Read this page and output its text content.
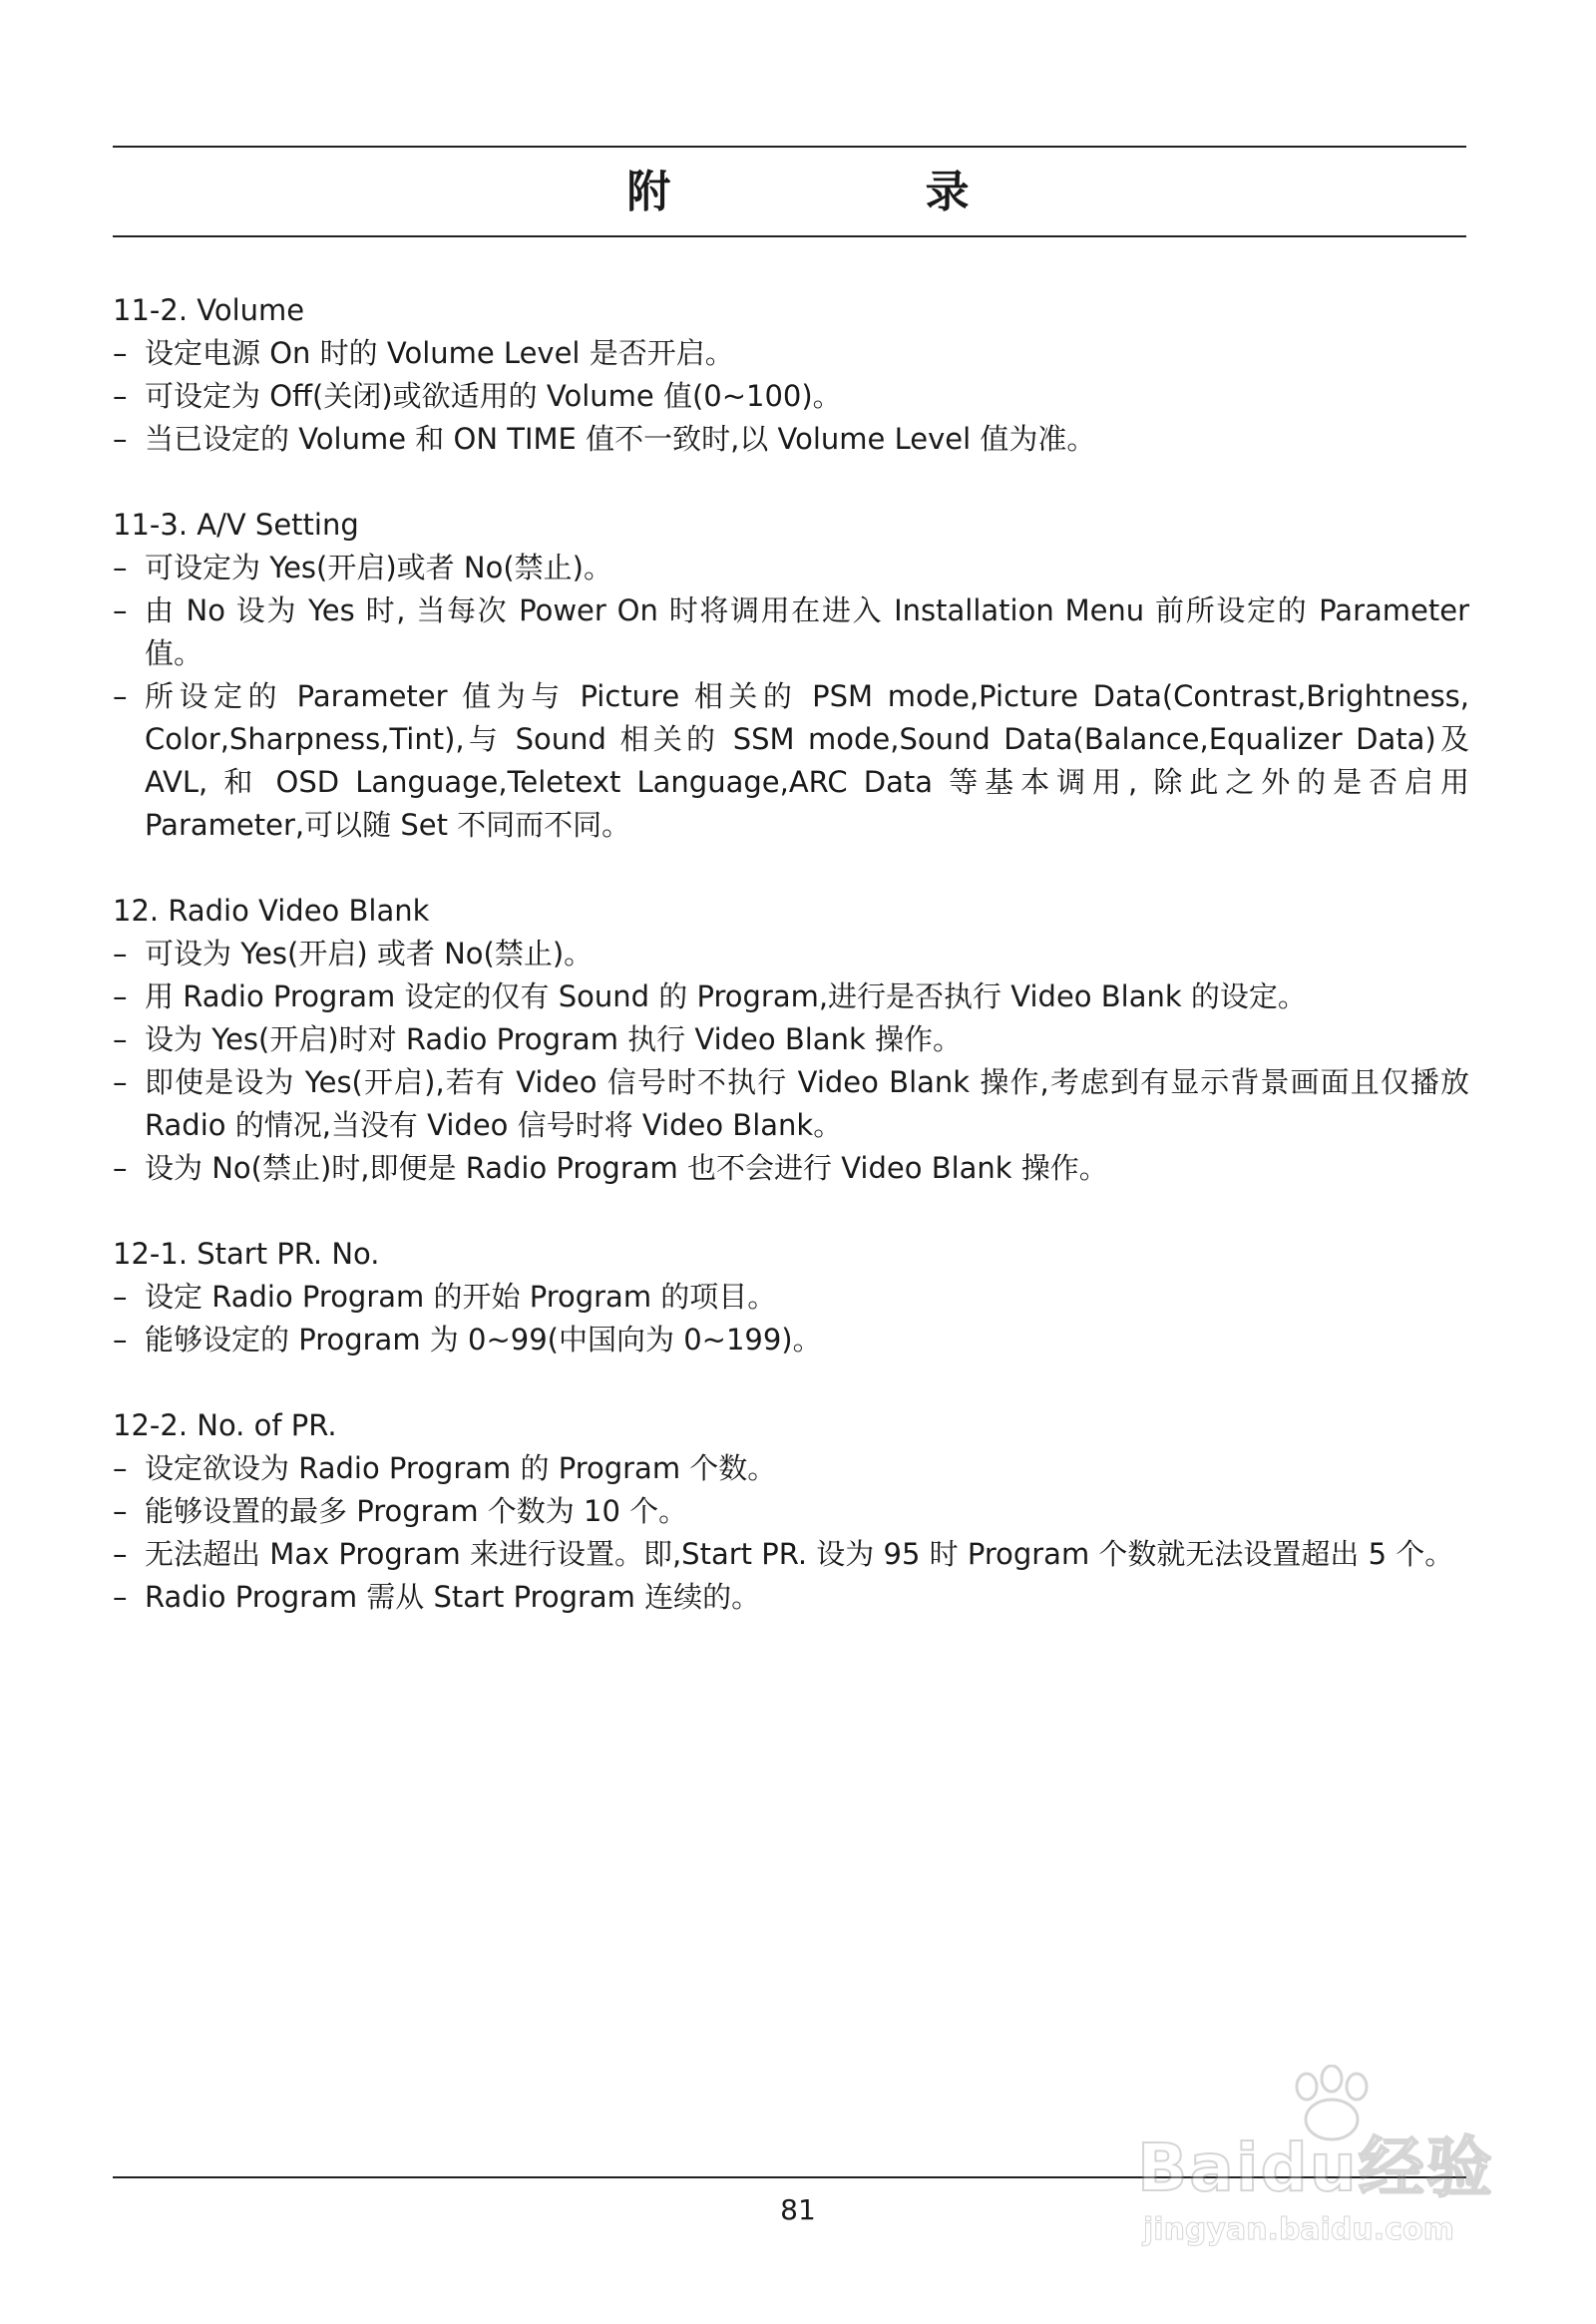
附 录
11-2. Volume
– 设定电源 On 时的 Volume Level 是否开启。
– 可设定为 Off(关闭)或欲适用的 Volume 值(0~100)。
– 当已设定的 Volume 和 ON TIME 值不一致时,以 Volume Level 值为准。
11-3. A/V Setting
– 可设定为 Yes(开启)或者 No(禁止)。
– 由 No 设为 Yes 时, 当每次 Power On 时将调用在进入 Installation Menu 前所设定的 Parameter 值。
– 所设定的 Parameter 值为与 Picture 相关的 PSM mode,Picture Data(Contrast,Brightness, Color,Sharpness,Tint),与 Sound 相关的 SSM mode,Sound Data(Balance,Equalizer Data)及 AVL, 和 OSD Language,Teletext Language,ARC Data 等基本调用, 除此之外的是否启用 Parameter,可以随 Set 不同而不同。
12. Radio Video Blank
– 可设为 Yes(开启) 或者 No(禁止)。
– 用 Radio Program 设定的仅有 Sound 的 Program,进行是否执行 Video Blank 的设定。
– 设为 Yes(开启)时对 Radio Program 执行 Video Blank 操作。
– 即使是设为 Yes(开启),若有 Video 信号时不执行 Video Blank 操作,考虑到有显示背景画面且仅播放 Radio 的情况,当没有 Video 信号时将 Video Blank。
– 设为 No(禁止)时,即便是 Radio Program 也不会进行 Video Blank 操作。
12-1. Start PR. No.
– 设定 Radio Program 的开始 Program 的项目。
– 能够设定的 Program 为 0~99(中国向为 0~199)。
12-2. No. of PR.
– 设定欲设为 Radio Program 的 Program 个数。
– 能够设置的最多 Program 个数为 10 个。
– 无法超出 Max Program 来进行设置。即,Start PR. 设为 95 时 Program 个数就无法设置超出 5 个。
– Radio Program 需从 Start Program 连续的。
81
Baidu经验
jingyan.baidu.com
